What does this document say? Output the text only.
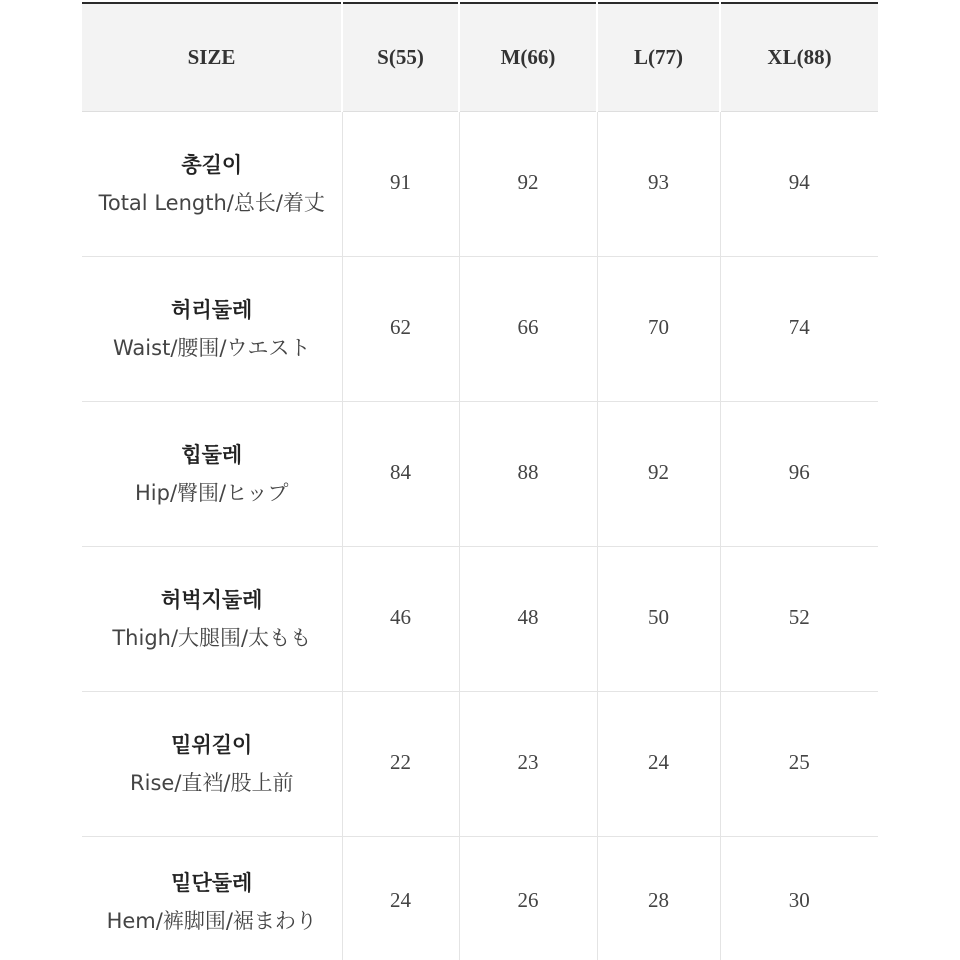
SIZE	S(55)	M(66)	L(77)	XL(88)

총길이
Total Length/总长/着丈	91	92	93	94

허리둘레
Waist/腰围/ウエスト	62	66	70	74

힙둘레
Hip/臀围/ヒップ	84	88	92	96

허벅지둘레
Thigh/大腿围/太もも	46	48	50	52

밑위길이
Rise/直裆/股上前	22	23	24	25

밑단둘레
Hem/裤脚围/裾まわり	24	26	28	30
